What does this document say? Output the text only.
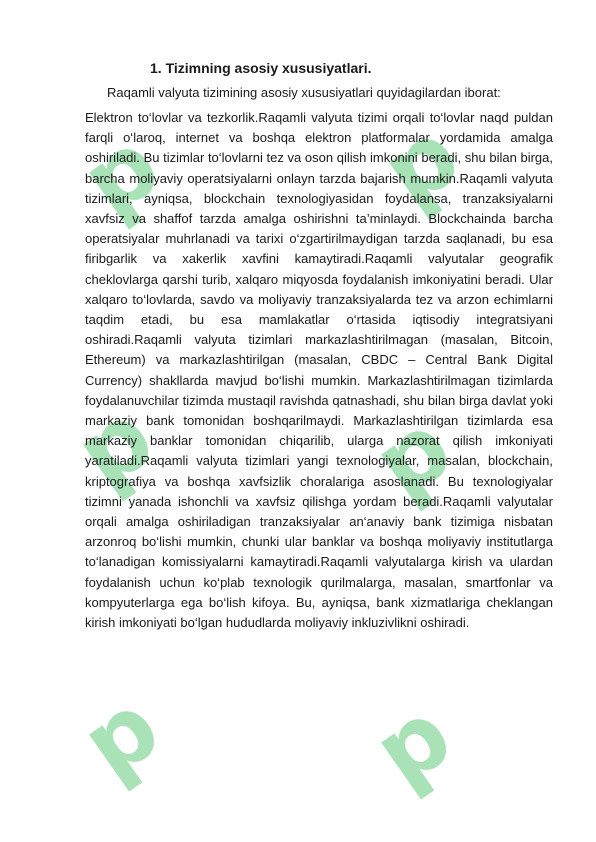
p p
p p
p p
1. Tizimning asosiy xususiyatlari.

Raqamli valyuta tizimining asosiy xususiyatlari quyidagilardan iborat:

Elektron to‘lovlar va tezkorlik.Raqamli valyuta tizimi orqali to‘lovlar naqd puldan farqli o‘laroq, internet va boshqa elektron platformalar yordamida amalga oshiriladi. Bu tizimlar to‘lovlarni tez va oson qilish imkonini beradi, shu bilan birga, barcha moliyaviy operatsiyalarni onlayn tarzda bajarish mumkin.Raqamli valyuta tizimlari, ayniqsa, blockchain texnologiyasidan foydalansa, tranzaksiyalarni xavfsiz va shaffof tarzda amalga oshirishni ta’minlaydi. Blockchainda barcha operatsiyalar muhrlanadi va tarixi o‘zgartirilmaydigan tarzda saqlanadi, bu esa firibgarlik va xakerlik xavfini kamaytiradi.Raqamli valyutalar geografik cheklovlarga qarshi turib, xalqaro miqyosda foydalanish imkoniyatini beradi. Ular xalqaro to‘lovlarda, savdo va moliyaviy tranzaksiyalarda tez va arzon echimlarni taqdim etadi, bu esa mamlakatlar o‘rtasida iqtisodiy integratsiyani oshiradi.Raqamli valyuta tizimlari markazlashtirilmagan (masalan, Bitcoin, Ethereum) va markazlashtirilgan (masalan, CBDC – Central Bank Digital Currency) shakllarda mavjud bo‘lishi mumkin. Markazlashtirilmagan tizimlarda foydalanuvchilar tizimda mustaqil ravishda qatnashadi, shu bilan birga davlat yoki markaziy bank tomonidan boshqarilmaydi. Markazlashtirilgan tizimlarda esa markaziy banklar tomonidan chiqarilib, ularga nazorat qilish imkoniyati yaratiladi.Raqamli valyuta tizimlari yangi texnologiyalar, masalan, blockchain, kriptografiya va boshqa xavfsizlik choralariga asoslanadi. Bu texnologiyalar tizimni yanada ishonchli va xavfsiz qilishga yordam beradi.Raqamli valyutalar orqali amalga oshiriladigan tranzaksiyalar an‘anaviy bank tizimiga nisbatan arzonroq bo‘lishi mumkin, chunki ular banklar va boshqa moliyaviy institutlarga to‘lanadigan komissiyalarni kamaytiradi.Raqamli valyutalarga kirish va ulardan foydalanish uchun ko‘plab texnologik qurilmalarga, masalan, smartfonlar va kompyuterlarga ega bo‘lish kifoya. Bu, ayniqsa, bank xizmatlariga cheklangan kirish imkoniyati bo‘lgan hududlarda moliyaviy inkluzivlikni oshiradi.
